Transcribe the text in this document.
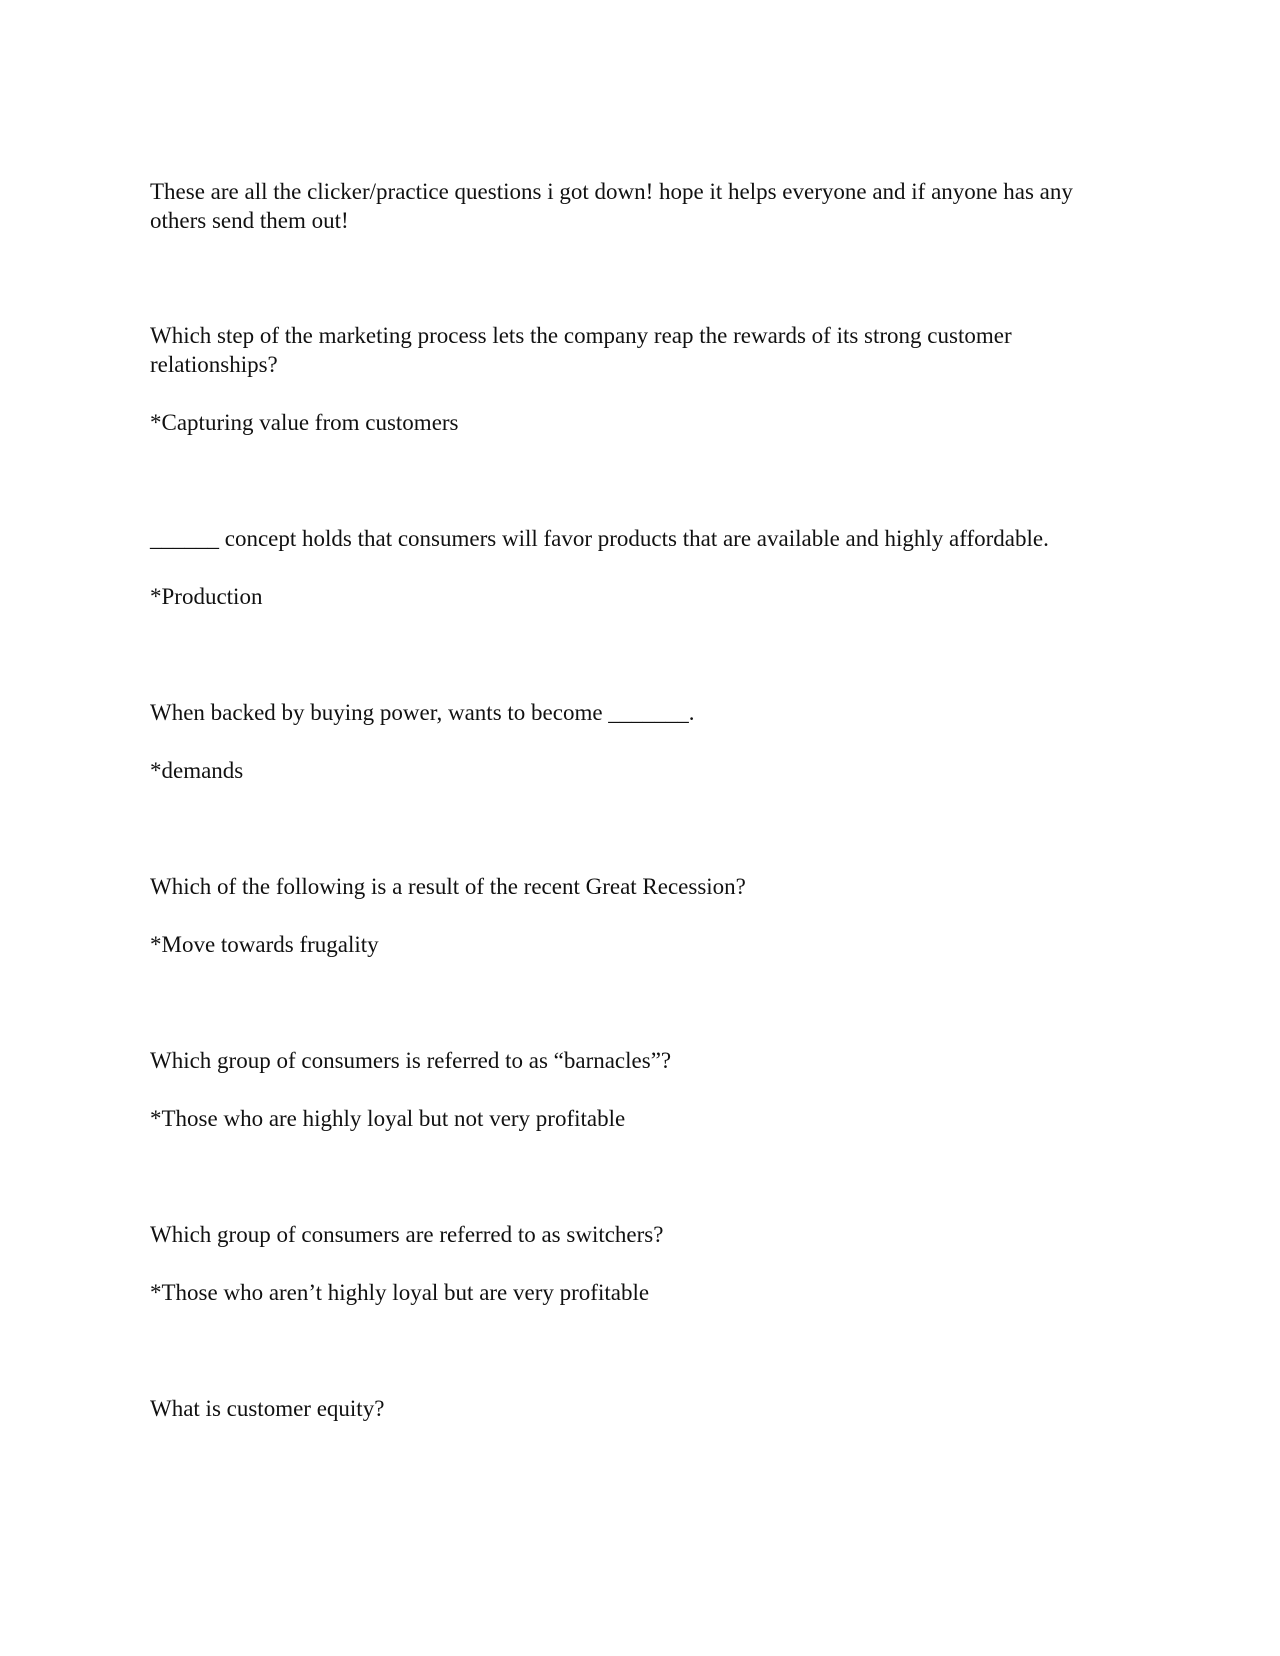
These are all the clicker/practice questions i got down! hope it helps everyone and if anyone has any others send them out!

Which step of the marketing process lets the company reap the rewards of its strong customer relationships?

*Capturing value from customers

______ concept holds that consumers will favor products that are available and highly affordable.

*Production

When backed by buying power, wants to become _______.

*demands

Which of the following is a result of the recent Great Recession?

*Move towards frugality

Which group of consumers is referred to as “barnacles”?

*Those who are highly loyal but not very profitable

Which group of consumers are referred to as switchers?

*Those who aren’t highly loyal but are very profitable

What is customer equity?
